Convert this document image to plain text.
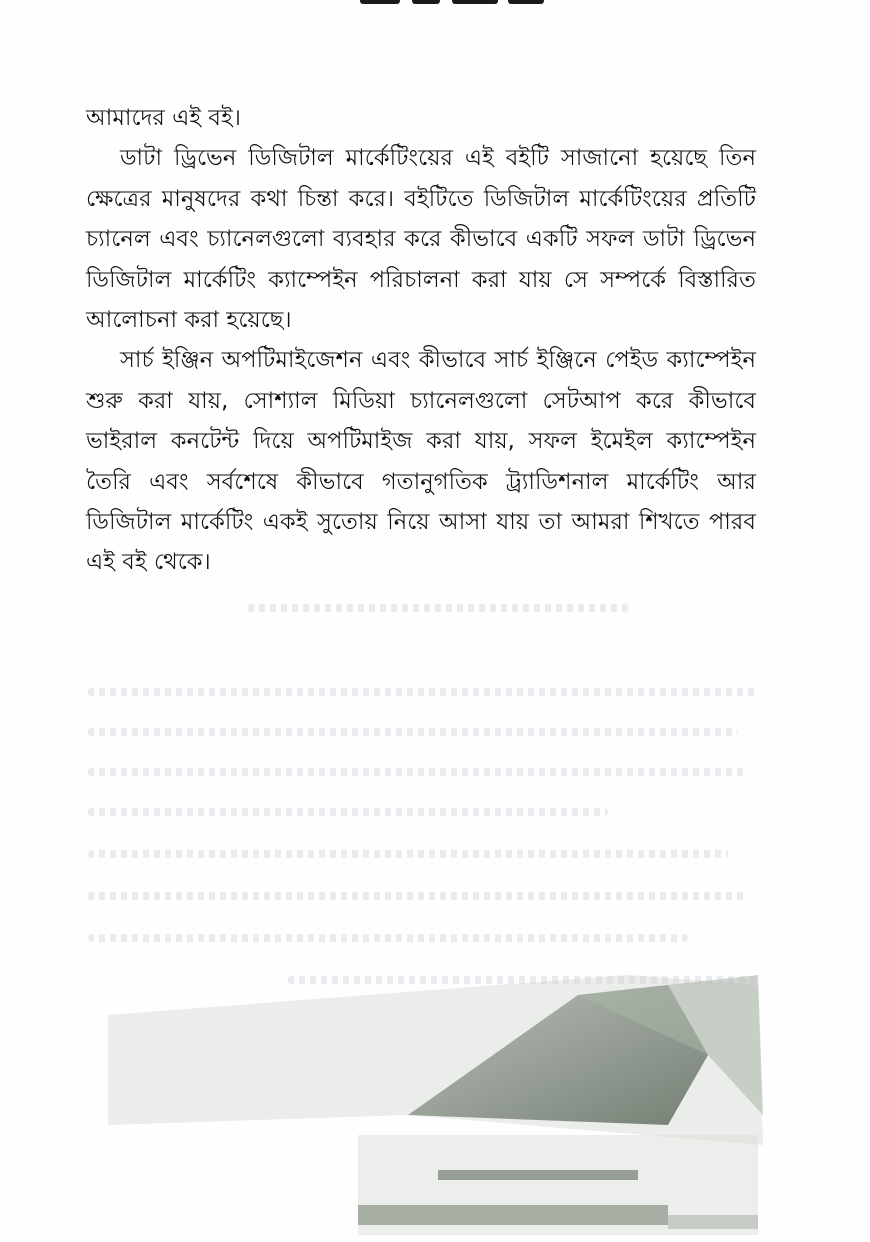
আমাদের এই বই।

ডাটা ড্রিভেন ডিজিটাল মার্কেটিংয়ের এই বইটি সাজানো হয়েছে তিন ক্ষেত্রের মানুষদের কথা চিন্তা করে। বইটিতে ডিজিটাল মার্কেটিংয়ের প্রতিটি চ্যানেল এবং চ্যানেলগুলো ব্যবহার করে কীভাবে একটি সফল ডাটা ড্রিভেন ডিজিটাল মার্কেটিং ক্যাম্পেইন পরিচালনা করা যায় সে সম্পর্কে বিস্তারিত আলোচনা করা হয়েছে।

সার্চ ইঞ্জিন অপটিমাইজেশন এবং কীভাবে সার্চ ইঞ্জিনে পেইড ক্যাম্পেইন শুরু করা যায়, সোশ্যাল মিডিয়া চ্যানেলগুলো সেটআপ করে কীভাবে ভাইরাল কনটেন্ট দিয়ে অপটিমাইজ করা যায়, সফল ইমেইল ক্যাম্পেইন তৈরি এবং সর্বশেষে কীভাবে গতানুগতিক ট্র্যাডিশনাল মার্কেটিং আর ডিজিটাল মার্কেটিং একই সুতোয় নিয়ে আসা যায় তা আমরা শিখতে পারব এই বই থেকে।
